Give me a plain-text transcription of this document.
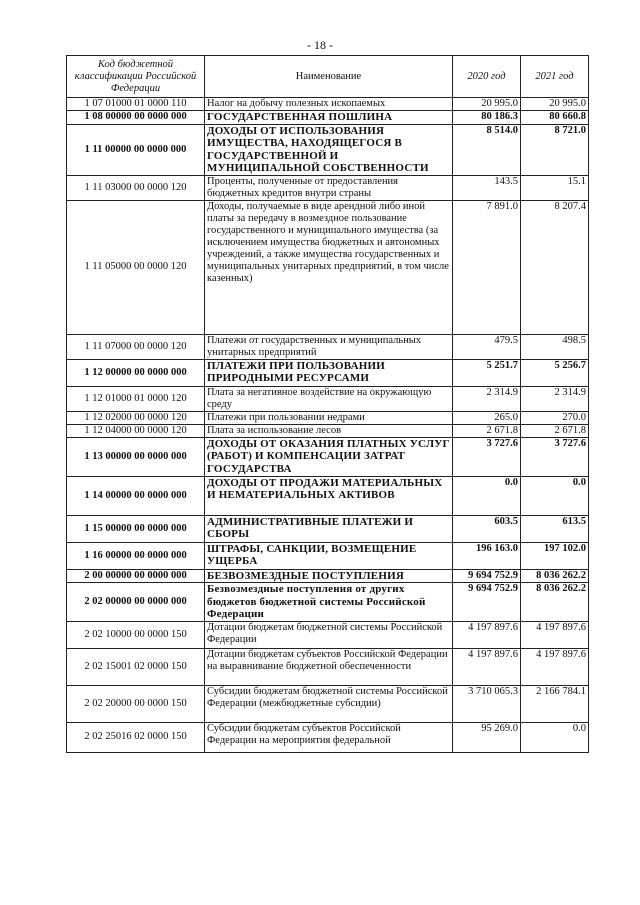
- 18 -
Код бюджетной классификации Российской Федерации	Наименование	2020 год	2021 год
1 07 01000 01 0000 110	Налог на добычу полезных ископаемых	20 995.0	20 995.0
1 08 00000 00 0000 000	ГОСУДАРСТВЕННАЯ ПОШЛИНА	80 186.3	80 660.8
1 11 00000 00 0000 000	ДОХОДЫ ОТ ИСПОЛЬЗОВАНИЯ ИМУЩЕСТВА, НАХОДЯЩЕГОСЯ В ГОСУДАРСТВЕННОЙ И МУНИЦИПАЛЬНОЙ СОБСТВЕННОСТИ	8 514.0	8 721.0
1 11 03000 00 0000 120	Проценты, полученные от предоставления бюджетных кредитов внутри страны	143.5	15.1
1 11 05000 00 0000 120	Доходы, получаемые в виде арендной либо иной платы за передачу в возмездное пользование государственного и муниципального имущества (за исключением имущества бюджетных и автономных учреждений, а также имущества государственных и муниципальных унитарных предприятий, в том числе казенных)	7 891.0	8 207.4
1 11 07000 00 0000 120	Платежи от государственных и муниципальных унитарных предприятий	479.5	498.5
1 12 00000 00 0000 000	ПЛАТЕЖИ ПРИ ПОЛЬЗОВАНИИ ПРИРОДНЫМИ РЕСУРСАМИ	5 251.7	5 256.7
1 12 01000 01 0000 120	Плата за негативное воздействие на окружающую среду	2 314.9	2 314.9
1 12 02000 00 0000 120	Платежи при пользовании недрами	265.0	270.0
1 12 04000 00 0000 120	Плата за использование лесов	2 671.8	2 671.8
1 13 00000 00 0000 000	ДОХОДЫ ОТ ОКАЗАНИЯ ПЛАТНЫХ УСЛУГ (РАБОТ) И КОМПЕНСАЦИИ ЗАТРАТ ГОСУДАРСТВА	3 727.6	3 727.6
1 14 00000 00 0000 000	ДОХОДЫ ОТ ПРОДАЖИ МАТЕРИАЛЬНЫХ И НЕМАТЕРИАЛЬНЫХ АКТИВОВ	0.0	0.0
1 15 00000 00 0000 000	АДМИНИСТРАТИВНЫЕ ПЛАТЕЖИ И СБОРЫ	603.5	613.5
1 16 00000 00 0000 000	ШТРАФЫ, САНКЦИИ, ВОЗМЕЩЕНИЕ УЩЕРБА	196 163.0	197 102.0
2 00 00000 00 0000 000	БЕЗВОЗМЕЗДНЫЕ ПОСТУПЛЕНИЯ	9 694 752.9	8 036 262.2
2 02 00000 00 0000 000	Безвозмездные поступления от других бюджетов бюджетной системы Российской Федерации	9 694 752.9	8 036 262.2
2 02 10000 00 0000 150	Дотации бюджетам бюджетной системы Российской Федерации	4 197 897.6	4 197 897.6
2 02 15001 02 0000 150	Дотации бюджетам субъектов Российской Федерации на выравнивание бюджетной обеспеченности	4 197 897.6	4 197 897.6
2 02 20000 00 0000 150	Субсидии бюджетам бюджетной системы Российской Федерации (межбюджетные субсидии)	3 710 065.3	2 166 784.1
2 02 25016 02 0000 150	Субсидии бюджетам субъектов Российской Федерации на мероприятия федеральной	95 269.0	0.0
